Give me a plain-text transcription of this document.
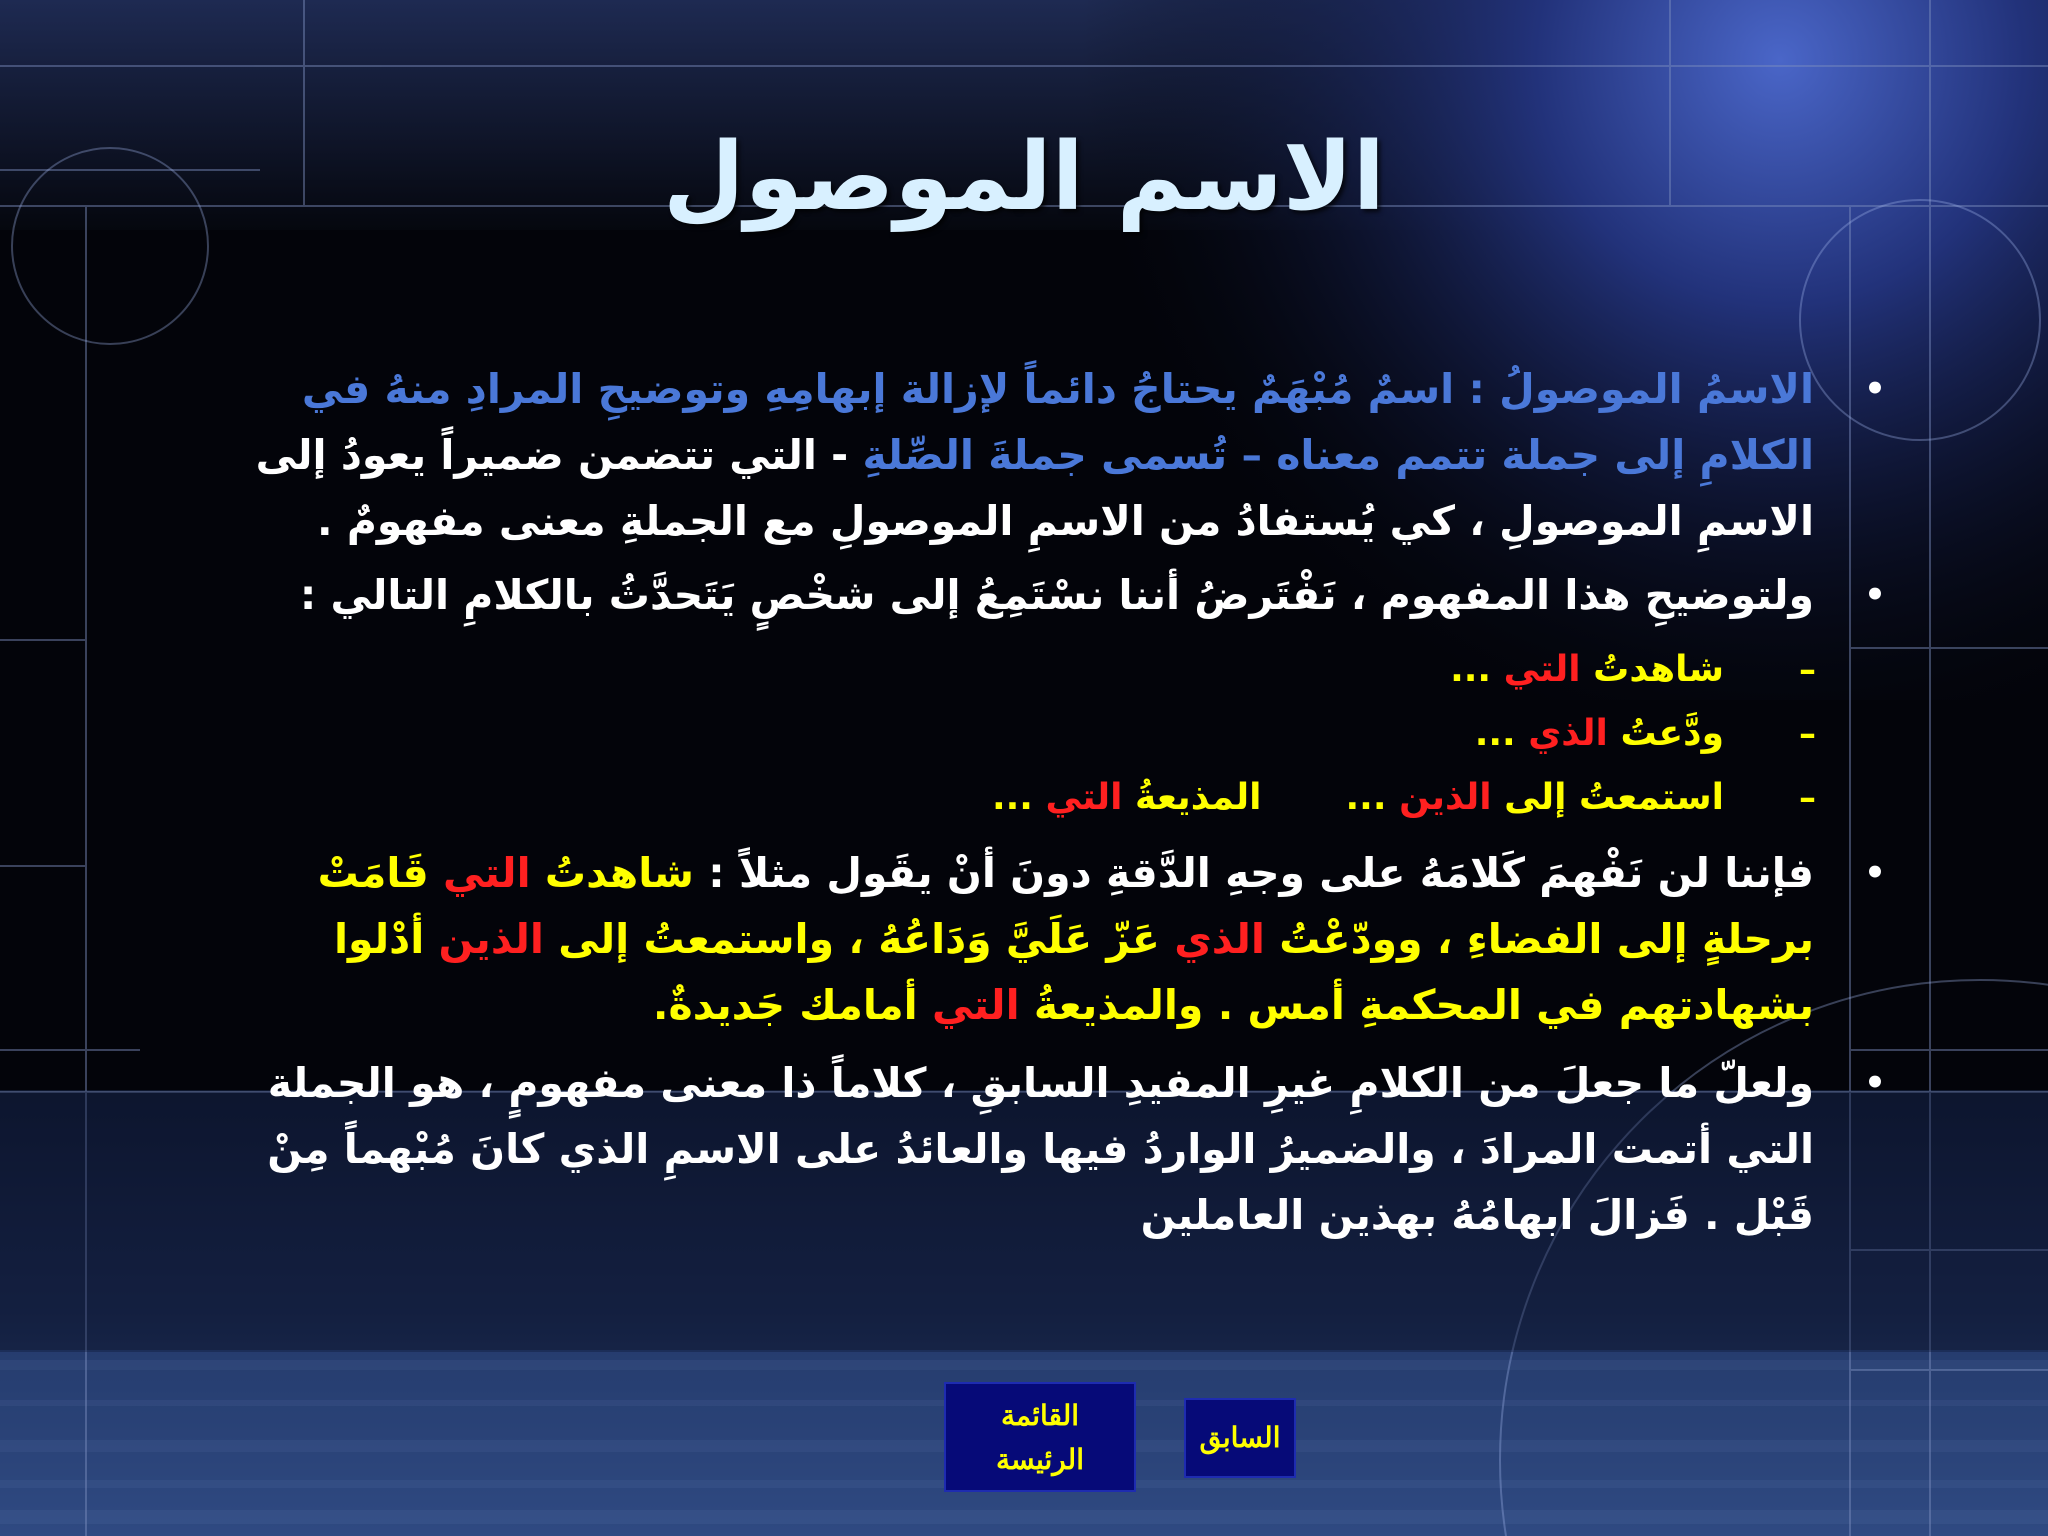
الاسم الموصول
•
الاسمُ الموصولُ : اسمٌ مُبْهَمٌ يحتاجُ دائماً لإزالة إبهامِهِ وتوضيحِ المرادِ منهُ في الكلامِ إلى جملة تتمم معناه – تُسمى جملةَ الصِّلةِ - التي تتضمن ضميراً يعودُ إلى الاسمِ الموصولِ ، كي يُستفادُ من الاسمِ الموصولِ مع الجملةِ معنى مفهومٌ .
•
ولتوضيحِ هذا المفهوم ، نَفْتَرضُ أننا نسْتَمِعُ إلى شخْصٍ يَتَحدَّثُ بالكلامِ التالي :
–
شاهدتُ التي ...
–
ودَّعتُ الذي ...
–
استمعتُ إلى الذين ...المذيعةُ التي ...
•
فإننا لن نَفْهمَ كَلامَهُ على وجهِ الدَّقةِ دونَ أنْ يقَول مثلاً : شاهدتُ التي قَامَتْ برحلةٍ إلى الفضاءِ ، وودّعْتُ الذي عَزّ عَلَيَّ وَدَاعُهُ ، واستمعتُ إلى الذين أدْلوا بشهادتهم في المحكمةِ أمس . والمذيعةُ التي أمامك جَديدةٌ.
•
ولعلّ ما جعلَ من الكلامِ غيرِ المفيدِ السابقِ ، كلاماً ذا معنى مفهومٍ ، هو الجملة التي أتمت المرادَ ، والضميرُ الواردُ فيها والعائدُ على الاسمِ الذي كانَ مُبْهماً مِنْ قَبْل . فَزالَ ابهامُهُ بهذين العاملين
القائمة
الرئيسة
السابق
